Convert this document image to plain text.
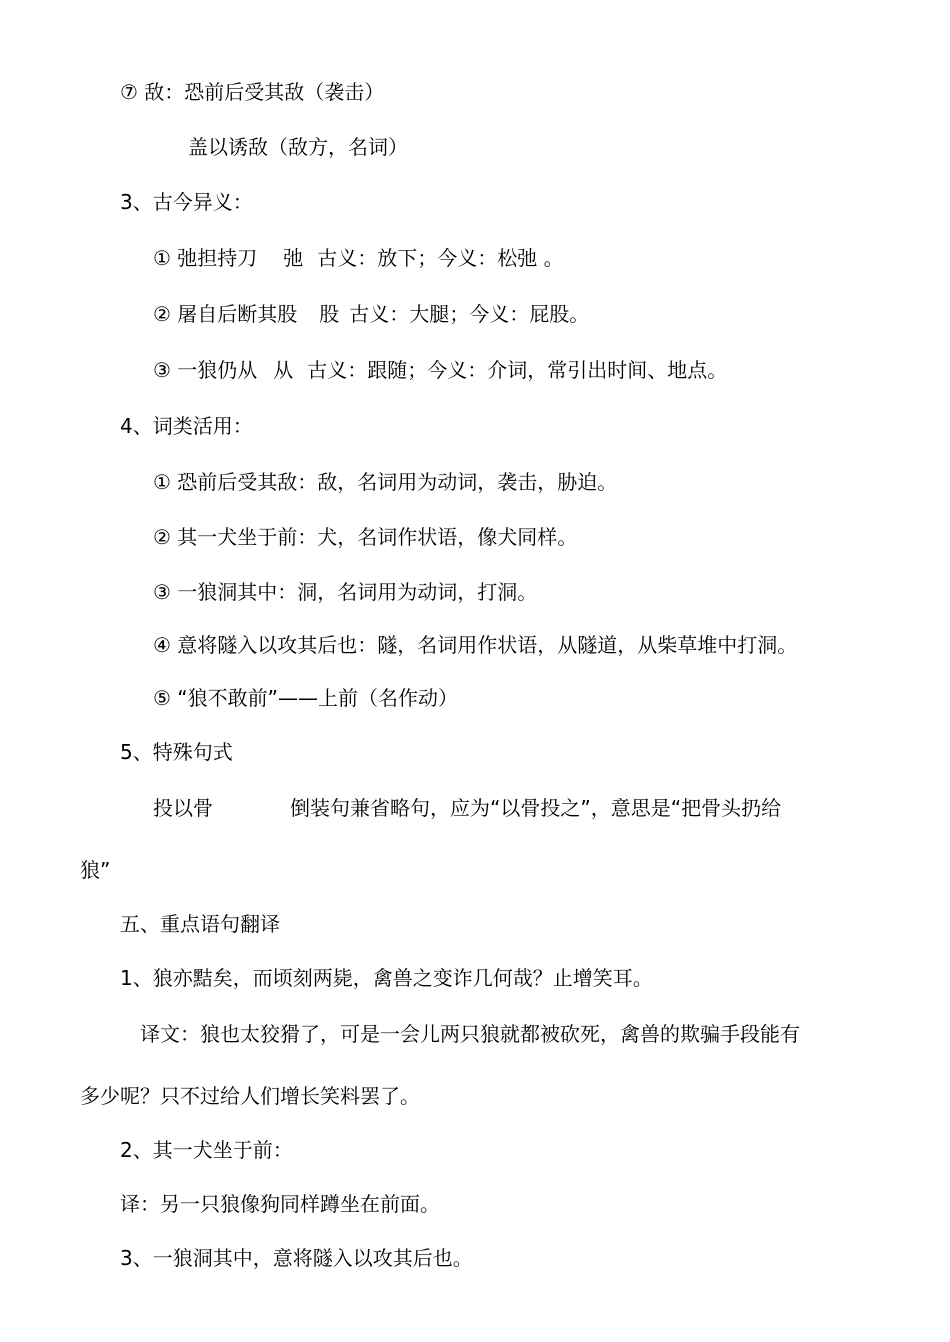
⑦ 敌：恐前后受其敌（袭击）
盖以诱敌（敌方，名词）
3、古今异义：
① 弛担持刀 弛 古义：放下；今义：松弛 。
② 屠自后断其股 股 古义：大腿；今义：屁股。
③ 一狼仍从 从 古义：跟随；今义：介词，常引出时间、地点。
4、词类活用：
① 恐前后受其敌：敌，名词用为动词，袭击，胁迫。
② 其一犬坐于前：犬，名词作状语，像犬同样。
③ 一狼洞其中：洞，名词用为动词，打洞。
④ 意将隧入以攻其后也：隧，名词用作状语，从隧道，从柴草堆中打洞。
⑤ “狼不敢前”——上前（名作动）
5、特殊句式
投以骨	倒装句兼省略句，应为“以骨投之”，意思是“把骨头扔给
狼”
五、重点语句翻译
1、狼亦黠矣，而顷刻两毙，禽兽之变诈几何哉？止增笑耳。
译文：狼也太狡猾了，可是一会儿两只狼就都被砍死，禽兽的欺骗手段能有
多少呢？只不过给人们增长笑料罢了。
2、其一犬坐于前：
译：另一只狼像狗同样蹲坐在前面。
3、一狼洞其中，意将隧入以攻其后也。
